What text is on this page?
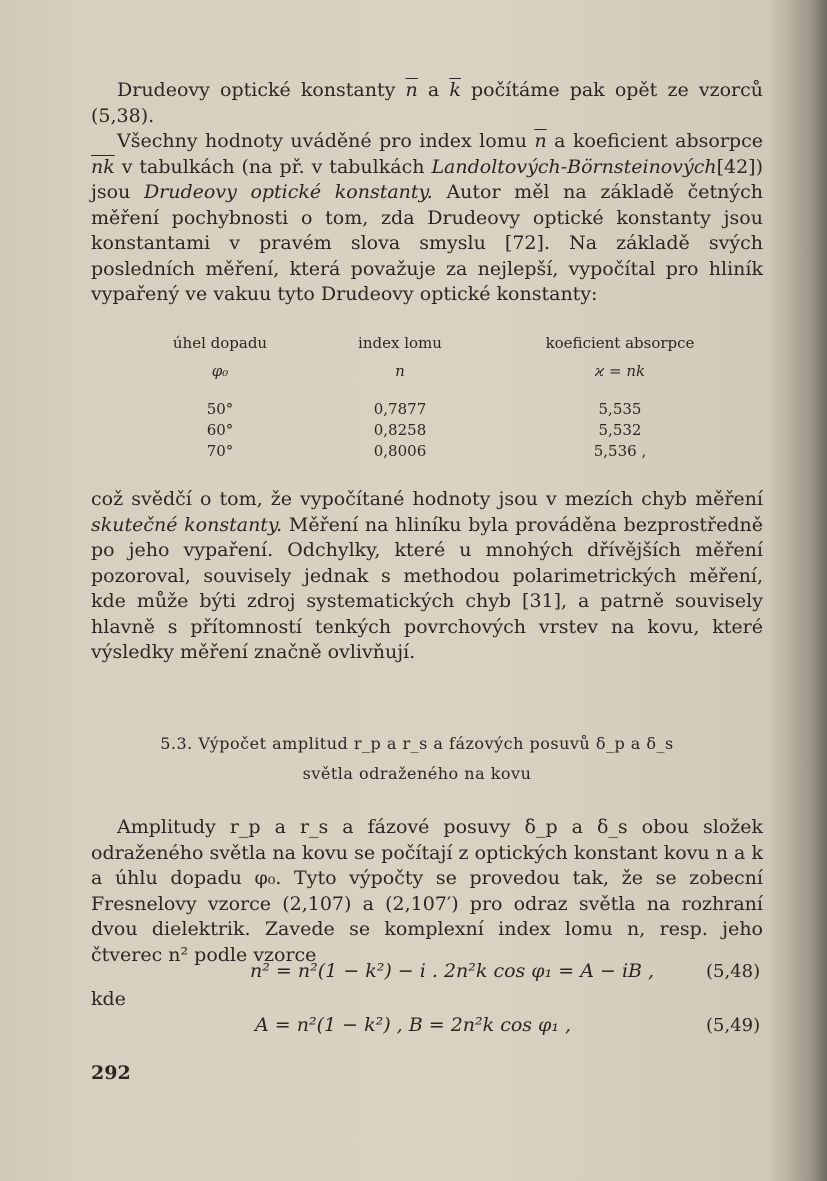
Drudeovy optické konstanty $\overline{n}$ a $\overline{k}$ počítáme pak opět ze vzorců (5,38).

Všechny hodnoty uváděné pro index lomu $\overline{n}$ a koeficient absorpce $\overline{nk}$ v tabulkách (na př. v tabulkách Landoltových-Börnsteinových[42]) jsou Drudeovy optické konstanty. Autor měl na základě četných měření pochybnosti o tom, zda Drudeovy optické konstanty jsou konstantami v pravém slova smyslu [72]. Na základě svých posledních měření, která považuje za nejlepší, vypočítal pro hliník vypařený ve vakuu tyto Drudeovy optické konstanty:

úhel dopadu	index lomu	koeficient absorpce
φ₀	n	ϰ = nk
50°	0,7877	5,535
60°	0,8258	5,532
70°	0,8006	5,536 ,

což svědčí o tom, že vypočítané hodnoty jsou v mezích chyb měření skutečné konstanty. Měření na hliníku byla prováděna bezprostředně po jeho vypaření. Odchylky, které u mnohých dřívějších měření pozoroval, souvisely jednak s methodou polarimetrických měření, kde může býti zdroj systematických chyb [31], a patrně souvisely hlavně s přítomností tenkých povrchových vrstev na kovu, které výsledky měření značně ovlivňují.

5.3. Výpočet amplitud r_p a r_s a fázových posuvů δ_p a δ_s
světla odraženého na kovu

Amplitudy r_p a r_s a fázové posuvy δ_p a δ_s obou složek odraženého světla na kovu se počítají z optických konstant kovu n a k a úhlu dopadu φ₀. Tyto výpočty se provedou tak, že se zobecní Fresnelovy vzorce (2,107) a (2,107′) pro odraz světla na rozhraní dvou dielektrik. Zavede se komplexní index lomu n, resp. jeho čtverec n² podle vzorce

n² = n²(1 − k²) − i . 2n²k cos φ₁ = A − iB ,	(5,48)
kde
A = n²(1 − k²) , B = 2n²k cos φ₁ ,	(5,49)
292
